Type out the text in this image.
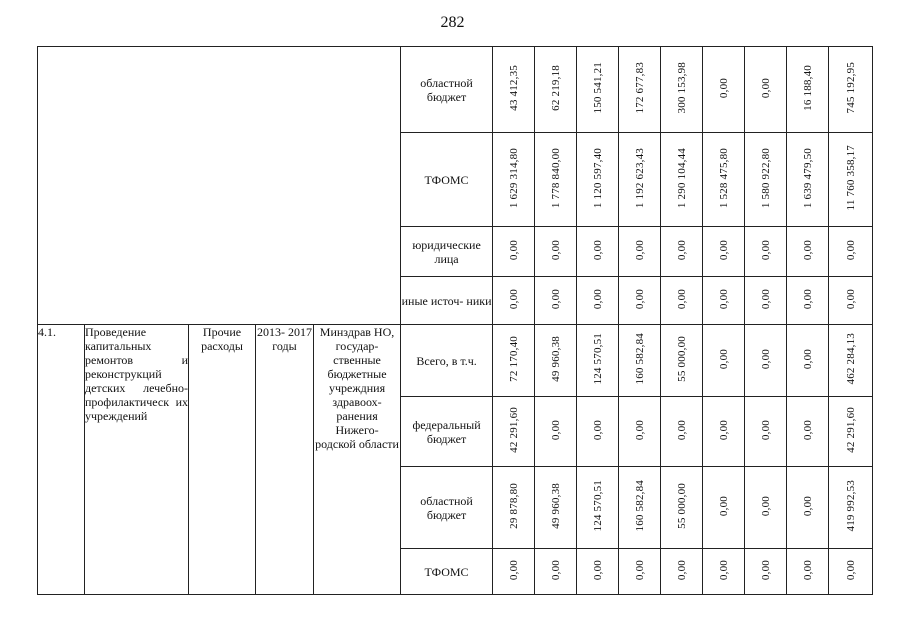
282
					областной бюджет	43 412,35	62 219,18	150 541,21	172 677,83	300 153,98	0,00	0,00	16 188,40	745 192,95
					ТФОМС	1 629 314,80	1 778 840,00	1 120 597,40	1 192 623,43	1 290 104,44	1 528 475,80	1 580 922,80	1 639 479,50	11 760 358,17
					юридические лица	0,00	0,00	0,00	0,00	0,00	0,00	0,00	0,00	0,00
					иные источ- ники	0,00	0,00	0,00	0,00	0,00	0,00	0,00	0,00	0,00
4.1.	Проведение капитальных ремонтов и реконструкций детских лечебно- профилактическ их учреждений	Прочие расходы	2013- 2017 годы	Минздрав НО, государ- ственные бюджетные учреждния здравоох- ранения Нижего- родской области	Всего, в т.ч.	72 170,40	49 960,38	124 570,51	160 582,84	55 000,00	0,00	0,00	0,00	462 284,13
					федеральный бюджет	42 291,60	0,00	0,00	0,00	0,00	0,00	0,00	0,00	42 291,60
					областной бюджет	29 878,80	49 960,38	124 570,51	160 582,84	55 000,00	0,00	0,00	0,00	419 992,53
					ТФОМС	0,00	0,00	0,00	0,00	0,00	0,00	0,00	0,00	0,00
